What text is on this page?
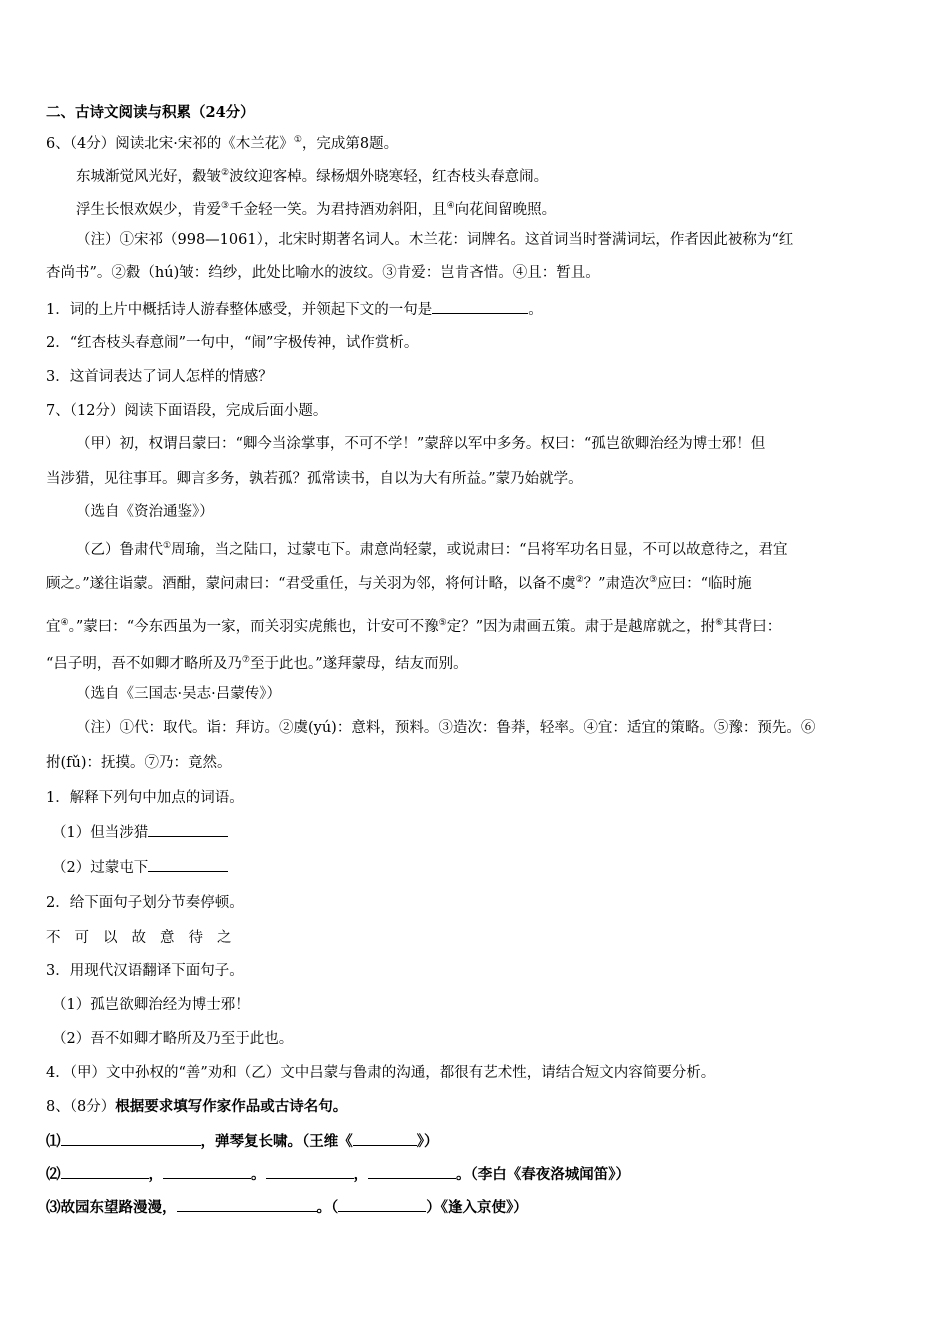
二、古诗文阅读与积累（24分）
6、（4分）阅读北宋·宋祁的《木兰花》①，完成第8题。
东城渐觉风光好，縠皱②波纹迎客棹。绿杨烟外晓寒轻，红杏枝头春意闹。
浮生长恨欢娱少，肯爱③千金轻一笑。为君持酒劝斜阳，且④向花间留晚照。
（注）①宋祁（998—1061），北宋时期著名词人。木兰花：词牌名。这首词当时誉满词坛，作者因此被称为“红
杏尚书”。②縠（hú)皱：绉纱，此处比喻水的波纹。③肯爱：岂肯吝惜。④且：暂且。
1．词的上片中概括诗人游春整体感受，并领起下文的一句是	。
2．“红杏枝头春意闹”一句中，“闹”字极传神，试作赏析。
3．这首词表达了词人怎样的情感？
7、（12分）阅读下面语段，完成后面小题。
（甲）初，权谓吕蒙曰：“卿今当涂掌事，不可不学！”蒙辞以军中多务。权曰：“孤岂欲卿治经为博士邪！但
当涉猎，见往事耳。卿言多务，孰若孤？孤常读书，自以为大有所益。”蒙乃始就学。
（选自《资治通鉴》）
（乙）鲁肃代①周瑜，当之陆口，过蒙屯下。肃意尚轻蒙，或说肃曰：“吕将军功名日显，不可以故意待之，君宜
顾之。”遂往诣蒙。酒酣，蒙问肃曰：“君受重任，与关羽为邻，将何计略，以备不虞②？”肃造次③应曰：“临时施
宜④。”蒙曰：“今东西虽为一家，而关羽实虎熊也，计安可不豫⑤定？”因为肃画五策。肃于是越席就之，拊⑥其背曰：
“吕子明，吾不如卿才略所及乃⑦至于此也。”遂拜蒙母，结友而别。
（选自《三国志·吴志·吕蒙传》）
（注）①代：取代。诣：拜访。②虞(yú)：意料，预料。③造次：鲁莽，轻率。④宜：适宜的策略。⑤豫：预先。⑥
拊(fǔ)：抚摸。⑦乃：竟然。
1．解释下列句中加点的词语。
（1）但当涉猎
（2）过蒙屯下
2．给下面句子划分节奏停顿。
不可以故意待之
3．用现代汉语翻译下面句子。
（1）孤岂欲卿治经为博士邪！
（2）吾不如卿才略所及乃至于此也。
4．（甲）文中孙权的“善”劝和（乙）文中吕蒙与鲁肃的沟通，都很有艺术性，请结合短文内容简要分析。
8、（8分）根据要求填写作家作品或古诗名句。
⑴	，弹琴复长啸。（王维《	》）
⑵	，	。	，	。（李白《春夜洛城闻笛》）
⑶故园东望路漫漫，	。（	）《逢入京使》）
